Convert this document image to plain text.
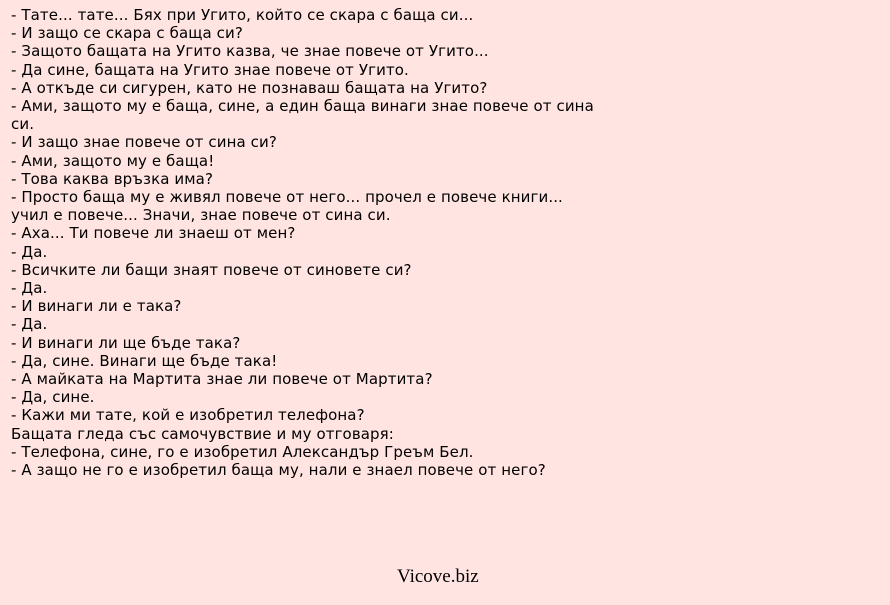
- Тате... тате... Бях при Угито, който се скара с баща си...
- И защо се скара с баща си?
- Защото бащата на Угито казва, че знае повече от Угито...
- Да сине, бащата на Угито знае повече от Угито.
- А откъде си сигурен, като не познаваш бащата на Угито?
- Ами, защото му е баща, сине, а един баща винаги знае повече от сина си.
- И защо знае повече от сина си?
- Ами, защото му е баща!
- Това каква връзка има?
- Просто баща му е живял повече от него... прочел е повече книги... учил е повече... Значи, знае повече от сина си.
- Аха... Ти повече ли знаеш от мен?
- Да.
- Всичките ли бащи знаят повече от синовете си?
- Да.
- И винаги ли е така?
- Да.
- И винаги ли ще бъде така?
- Да, сине. Винаги ще бъде така!
- А майката на Мартита знае ли повече от Мартита?
- Да, сине.
- Кажи ми тате, кой е изобретил телефона?
Бащата гледа със самочувствие и му отговаря:
- Телефона, сине, го е изобретил Александър Греъм Бел.
- А защо не го е изобретил баща му, нали е знаел повече от него?
Vicove.biz
